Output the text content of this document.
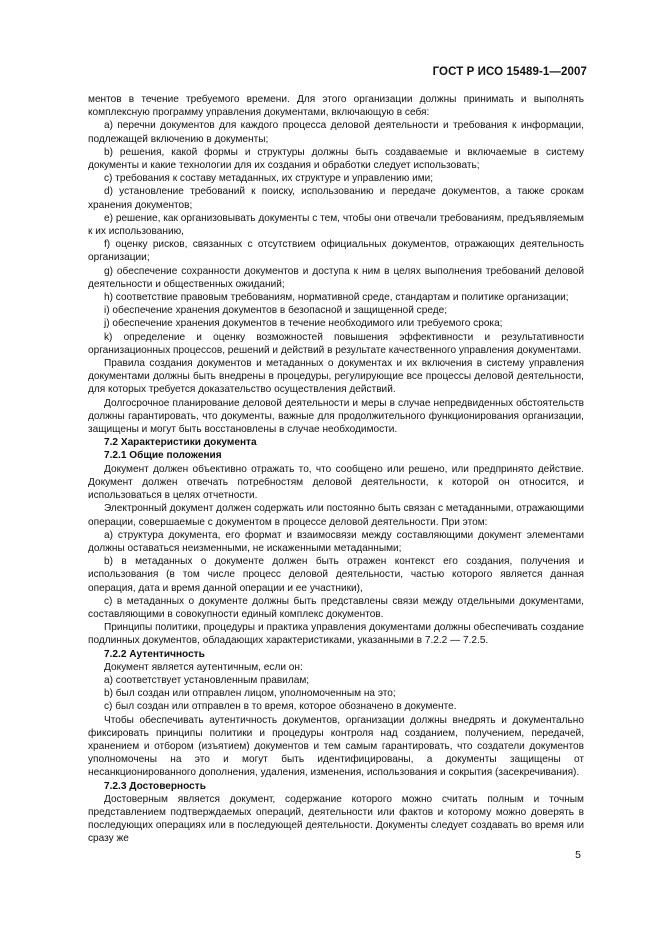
ГОСТ Р ИСО 15489-1—2007

ментов в течение требуемого времени. Для этого организации должны принимать и выполнять комплексную программу управления документами, включающую в себя:

a) перечни документов для каждого процесса деловой деятельности и требования к информации, подлежащей включению в документы;

b) решения, какой формы и структуры должны быть создаваемые и включаемые в систему документы и какие технологии для их создания и обработки следует использовать;

c) требования к составу метаданных, их структуре и управлению ими;

d) установление требований к поиску, использованию и передаче документов, а также срокам хранения документов;

e) решение, как организовывать документы с тем, чтобы они отвечали требованиям, предъявляемым к их использованию,

f) оценку рисков, связанных с отсутствием официальных документов, отражающих деятельность организации;

g) обеспечение сохранности документов и доступа к ним в целях выполнения требований деловой деятельности и общественных ожиданий;

h) соответствие правовым требованиям, нормативной среде, стандартам и политике организации;

i) обеспечение хранения документов в безопасной и защищенной среде;

j) обеспечение хранения документов в течение необходимого или требуемого срока;

k) определение и оценку возможностей повышения эффективности и результативности организационных процессов, решений и действий в результате качественного управления документами.

Правила создания документов и метаданных о документах и их включения в систему управления документами должны быть внедрены в процедуры, регулирующие все процессы деловой деятельности, для которых требуется доказательство осуществления действий.

Долгосрочное планирование деловой деятельности и меры в случае непредвиденных обстоятельств должны гарантировать, что документы, важные для продолжительного функционирования организации, защищены и могут быть восстановлены в случае необходимости.

7.2 Характеристики документа

7.2.1 Общие положения

Документ должен объективно отражать то, что сообщено или решено, или предпринято действие. Документ должен отвечать потребностям деловой деятельности, к которой он относится, и использоваться в целях отчетности.

Электронный документ должен содержать или постоянно быть связан с метаданными, отражающими операции, совершаемые с документом в процессе деловой деятельности. При этом:

a) структура документа, его формат и взаимосвязи между составляющими документ элементами должны оставаться неизменными, не искаженными метаданными;

b) в метаданных о документе должен быть отражен контекст его создания, получения и использования (в том числе процесс деловой деятельности, частью которого является данная операция, дата и время данной операции и ее участники),

c) в метаданных о документе должны быть представлены связи между отдельными документами, составляющими в совокупности единый комплекс документов.

Принципы политики, процедуры и практика управления документами должны обеспечивать создание подлинных документов, обладающих характеристиками, указанными в 7.2.2 — 7.2.5.

7.2.2 Аутентичность

Документ является аутентичным, если он:

a) соответствует установленным правилам;

b) был создан или отправлен лицом, уполномоченным на это;

c) был создан или отправлен в то время, которое обозначено в документе.

Чтобы обеспечивать аутентичность документов, организации должны внедрять и документально фиксировать принципы политики и процедуры контроля над созданием, получением, передачей, хранением и отбором (изъятием) документов и тем самым гарантировать, что создатели документов уполномочены на это и могут быть идентифицированы, а документы защищены от несанкционированного дополнения, удаления, изменения, использования и сокрытия (засекречивания).

7.2.3 Достоверность

Достоверным является документ, содержание которого можно считать полным и точным представлением подтверждаемых операций, деятельности или фактов и которому можно доверять в последующих операциях или в последующей деятельности. Документы следует создавать во время или сразу же

5
